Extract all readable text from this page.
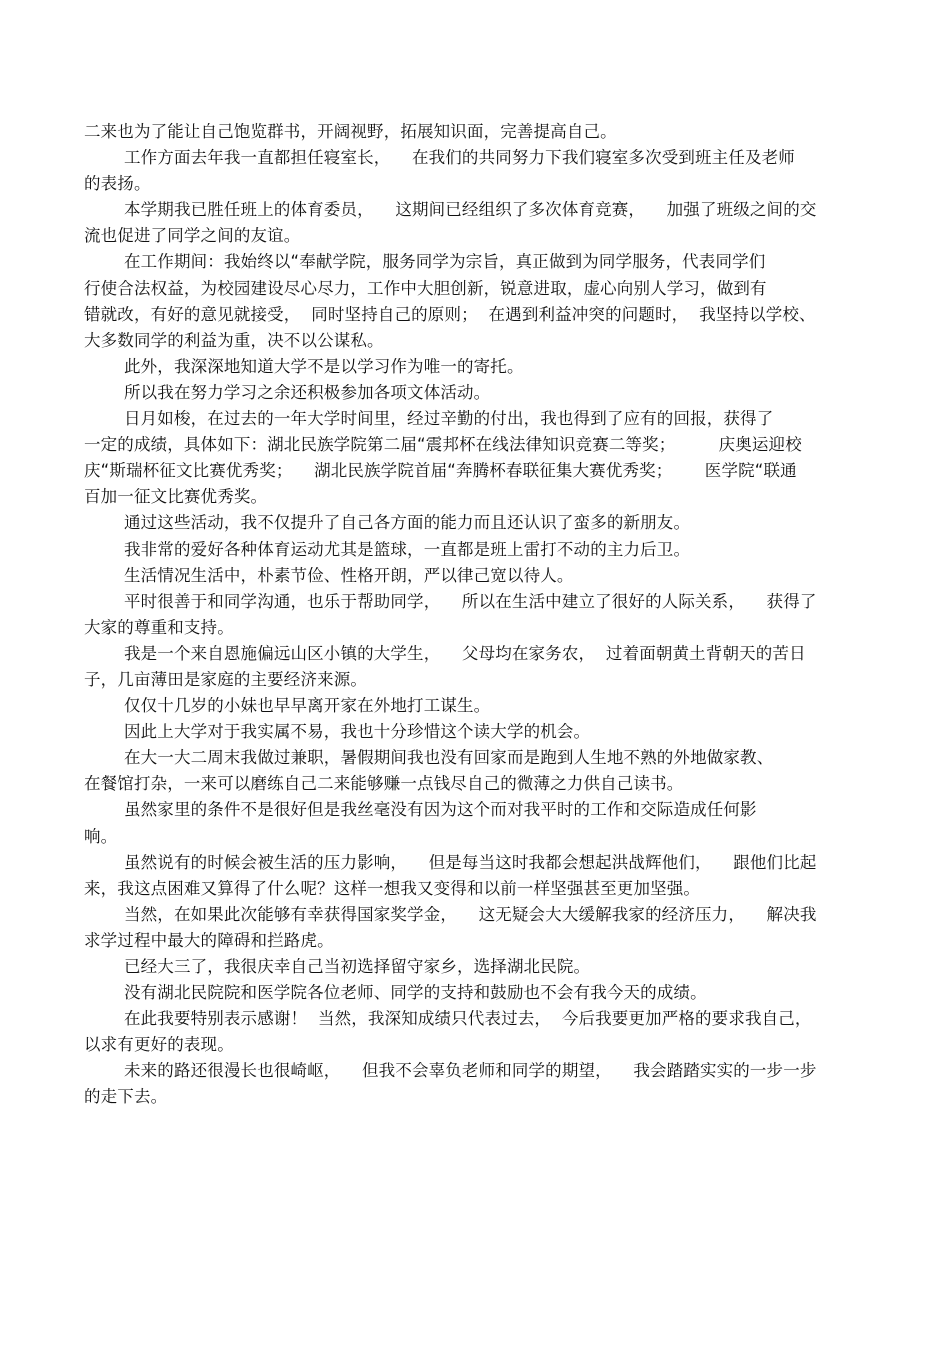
二来也为了能让自己饱览群书，开阔视野，拓展知识面，完善提高自己。
工作方面去年我一直都担任寝室长，    在我们的共同努力下我们寝室多次受到班主任及老师
的表扬。
本学期我已胜任班上的体育委员，    这期间已经组织了多次体育竞赛，    加强了班级之间的交
流也促进了同学之间的友谊。
在工作期间：我始终以“奉献学院，服务同学为宗旨，真正做到为同学服务，代表同学们
行使合法权益，为校园建设尽心尽力，工作中大胆创新，锐意进取，虚心向别人学习，做到有
错就改，有好的意见就接受，  同时坚持自己的原则；  在遇到利益冲突的问题时，  我坚持以学校、
大多数同学的利益为重，决不以公谋私。
此外，我深深地知道大学不是以学习作为唯一的寄托。
所以我在努力学习之余还积极参加各项文体活动。
日月如梭，在过去的一年大学时间里，经过辛勤的付出，我也得到了应有的回报，获得了
一定的成绩，具体如下：湖北民族学院第二届“震邦杯在线法律知识竞赛二等奖；        庆奥运迎校
庆“斯瑞杯征文比赛优秀奖；    湖北民族学院首届“奔腾杯春联征集大赛优秀奖；      医学院“联通
百加一征文比赛优秀奖。
通过这些活动，我不仅提升了自己各方面的能力而且还认识了蛮多的新朋友。
我非常的爱好各种体育运动尤其是篮球，一直都是班上雷打不动的主力后卫。
生活情况生活中，朴素节俭、性格开朗，严以律己宽以待人。
平时很善于和同学沟通，也乐于帮助同学，    所以在生活中建立了很好的人际关系，    获得了
大家的尊重和支持。
我是一个来自恩施偏远山区小镇的大学生，    父母均在家务农，  过着面朝黄土背朝天的苦日
子，几亩薄田是家庭的主要经济来源。
仅仅十几岁的小妹也早早离开家在外地打工谋生。
因此上大学对于我实属不易，我也十分珍惜这个读大学的机会。
在大一大二周末我做过兼职，暑假期间我也没有回家而是跑到人生地不熟的外地做家教、
在餐馆打杂，一来可以磨练自己二来能够赚一点钱尽自己的微薄之力供自己读书。
虽然家里的条件不是很好但是我丝毫没有因为这个而对我平时的工作和交际造成任何影
响。
虽然说有的时候会被生活的压力影响，    但是每当这时我都会想起洪战辉他们，    跟他们比起
来，我这点困难又算得了什么呢？这样一想我又变得和以前一样坚强甚至更加坚强。
当然，在如果此次能够有幸获得国家奖学金，    这无疑会大大缓解我家的经济压力，    解决我
求学过程中最大的障碍和拦路虎。
已经大三了，我很庆幸自己当初选择留守家乡，选择湖北民院。
没有湖北民院院和医学院各位老师、同学的支持和鼓励也不会有我今天的成绩。
在此我要特别表示感谢！  当然，我深知成绩只代表过去，  今后我要更加严格的要求我自己，
以求有更好的表现。
未来的路还很漫长也很崎岖，    但我不会辜负老师和同学的期望，    我会踏踏实实的一步一步
的走下去。
